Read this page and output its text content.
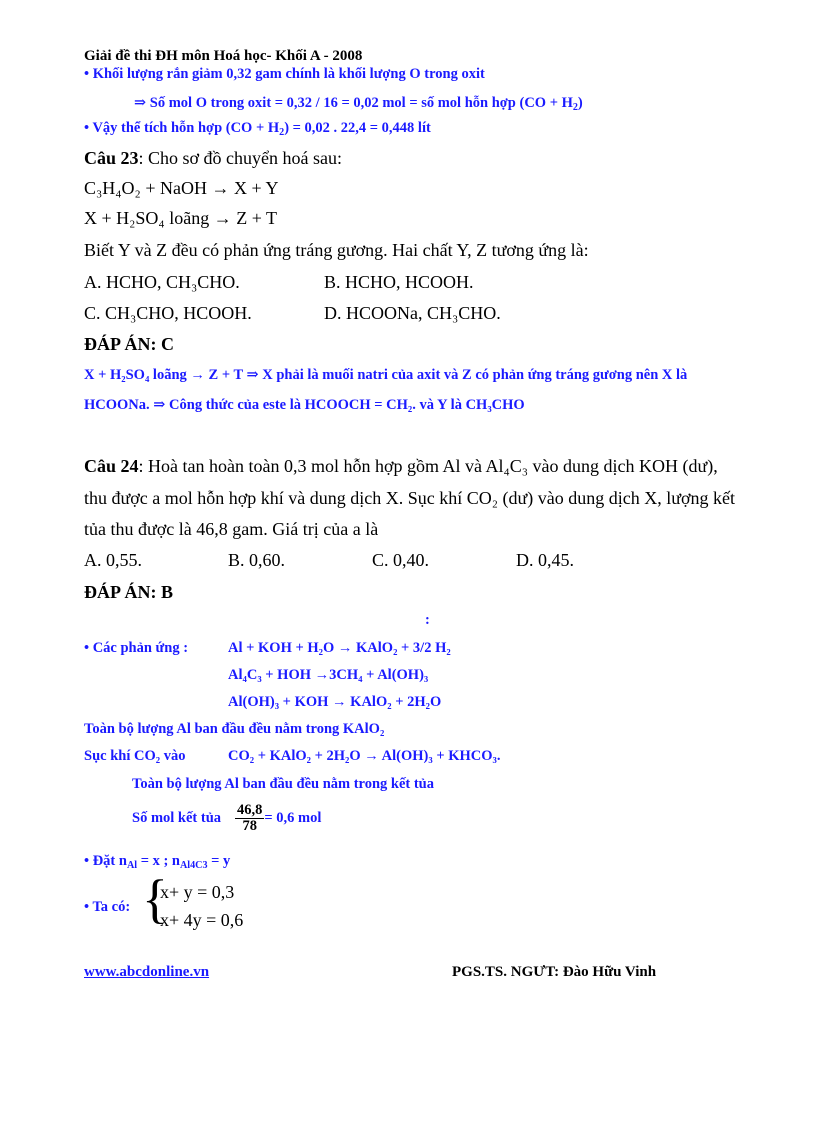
Giải đề thi ĐH môn Hoá học- Khối A - 2008
• Khối lượng rắn giảm 0,32 gam chính là khối lượng O trong oxit
⇒ Số mol O trong oxit = 0,32 / 16 = 0,02 mol = số mol hỗn hợp $(CO + H_2)$
• Vậy thể tích hỗn hợp $(CO + H_2) = 0,02$ . 22,4 = 0,448 lít
Câu 23: Cho sơ đồ chuyển hoá sau:
C₃H₄O₂ + NaOH → X + Y
X + H₂SO₄ loãng → Z + T
Biết Y và Z đều có phản ứng tráng gương. Hai chất Y, Z tương ứng là:
A. HCHO, CH₃CHO.	B. HCHO, HCOOH.
C. CH₃CHO, HCOOH.	D. HCOONa, CH₃CHO.
ĐÁP ÁN: C
X + H₂SO₄ loãng → Z + T ⇒ X phải là muối natri của axit và Z có phản ứng tráng gương nên X là
HCOONa. ⇒ Công thức của este là HCOOCH = CH₂. và Y là CH₃CHO
Câu 24: Hoà tan hoàn toàn 0,3 mol hỗn hợp gồm Al và Al₄C₃ vào dung dịch KOH (dư),
thu được a mol hỗn hợp khí và dung dịch X. Sục khí CO₂ (dư) vào dung dịch X, lượng kết
tủa thu được là 46,8 gam. Giá trị của a là
A. 0,55.	B. 0,60.	C. 0,40.	D. 0,45.
ĐÁP ÁN: B
:
• Các phản ứng :	Al + KOH + H₂O → KAlO₂ + 3/2 H₂
Al₄C₃ + HOH →3CH₄ + Al(OH)₃
Al(OH)₃ + KOH → KAlO₂ + 2H₂O
Toàn bộ lượng Al ban đầu đều nằm trong KAlO₂
Sục khí CO₂ vào	CO₂ + KAlO₂ + 2H₂O → Al(OH)₃ + KHCO₃.
Toàn bộ lượng Al ban đầu đều nằm trong kết tủa
Số mol kết tủa $\frac{46,8}{78} = 0,6$ mol
• Đặt $n_{Al} = x$ ; $n_{Al4C3} = y$
• Ta có: {
x+ y = 0,3
x+ 4y = 0,6
www.abcdonline.vn	PGS.TS. NGƯT: Đào Hữu Vinh
